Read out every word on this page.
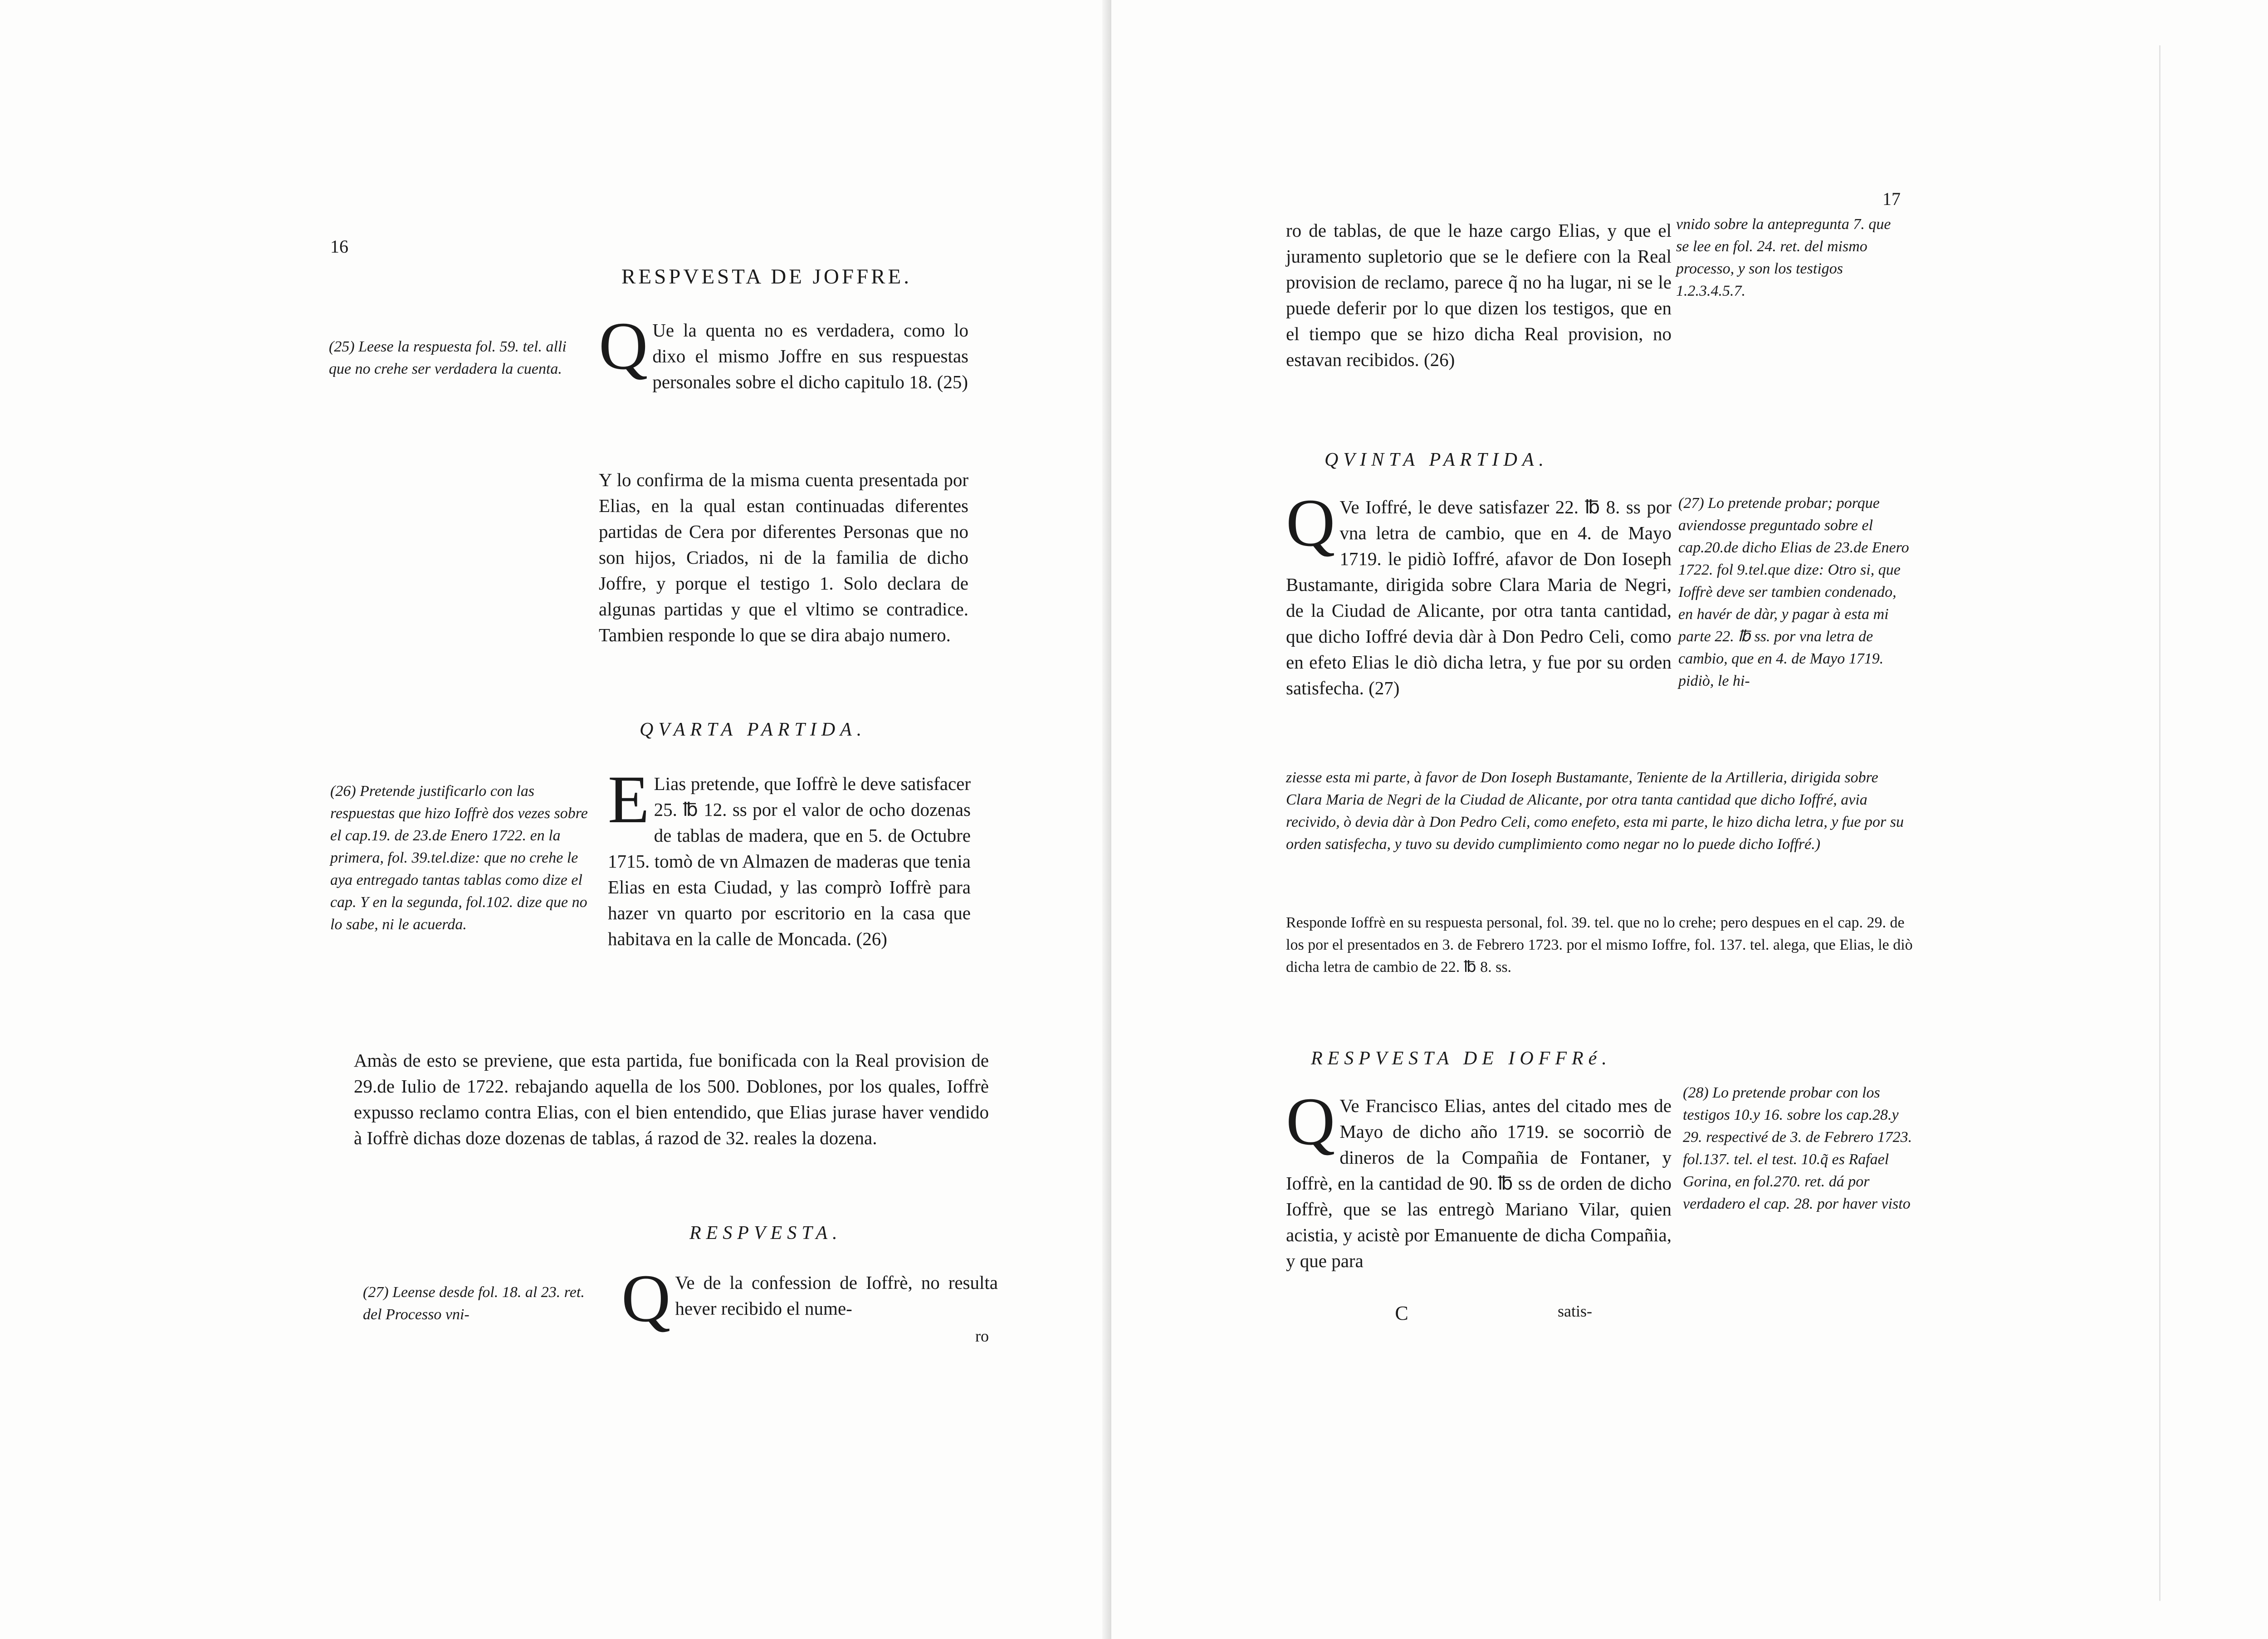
16
RESPVESTA DE JOFFRE.
(25) Leese la respuesta fol. 59. tel. alli que no crehe ser verdadera la cuenta. Q Ue la quenta no es verdadera, como lo dixo el mismo Joffre en sus respuestas personales sobre el dicho capitulo 18. (25)
Y lo confirma de la misma cuenta presentada por Elias, en la qual estan continuadas diferentes partidas de Cera por diferentes Personas que no son hijos, Criados, ni de la familia de dicho Joffre, y porque el testigo 1. Solo declara de algunas partidas y que el vltimo se contradice. Tambien responde lo que se dira abajo numero.
QVARTA PARTIDA.
(26) Pretende justificarlo con las respuestas que hizo Ioffrè dos vezes sobre el cap.19. de 23.de Enero 1722. en la primera, fol. 39.tel.dize: que no crehe le aya entregado tantas tablas como dize el cap. Y en la segunda, fol.102. dize que no lo sabe, ni le acuerda.
E Lias pretende, que Ioffrè le deve satisfacer 25. ℔ 12. ss por el valor de ocho dozenas de tablas de madera, que en 5. de Octubre 1715. tomò de vn Almazen de maderas que tenia Elias en esta Ciudad, y las comprò Ioffrè para hazer vn quarto por escritorio en la casa que habitava en la calle de Moncada. (26)
Amàs de esto se previene, que esta partida, fue bonificada con la Real provision de 29.de Iulio de 1722. rebajando aquella de los 500. Doblones, por los quales, Ioffrè expusso reclamo contra Elias, con el bien entendido, que Elias jurase haver vendido à Ioffrè dichas doze dozenas de tablas, á razod de 32. reales la dozena.
RESPVESTA.
(27) Leense desde fol. 18. al 23. ret. del Processo vni-	Q Ve de la confession de Ioffrè, no resulta hever recibido el nume-
ro
17
ro de tablas, de que le haze cargo Elias, y que el juramento supletorio que se le defiere con la Real provision de reclamo, parece q̃ no ha lugar, ni se le puede deferir por lo que dizen los testigos, que en el tiempo que se hizo dicha Real provision, no estavan recibidos. (26)
vnido sobre la antepregunta 7. que se lee en fol. 24. ret. del mismo processo, y son los testigos 1.2.3.4.5.7.
QVINTA PARTIDA.
Q Ve Ioffré, le deve satisfazer 22. ℔ 8. ss por vna letra de cambio, que en 4. de Mayo 1719. le pidiò Ioffré, afavor de Don Ioseph Bustamante, dirigida sobre Clara Maria de Negri, de la Ciudad de Alicante, por otra tanta cantidad, que dicho Ioffré devia dàr à Don Pedro Celi, como en efeto Elias le diò dicha letra, y fue por su orden satisfecha. (27)
(27) Lo pretende probar; porque aviendosse preguntado sobre el cap.20.de dicho Elias de 23.de Enero 1722. fol 9.tel.que dize: Otro si, que Ioffrè deve ser tambien condenado, en havér de dàr, y pagar à esta mi parte 22. ℔ ss. por vna letra de cambio, que en 4. de Mayo 1719. pidiò, le hi-
ziesse esta mi parte, à favor de Don Ioseph Bustamante, Teniente de la Artilleria, dirigida sobre Clara Maria de Negri de la Ciudad de Alicante, por otra tanta cantidad que dicho Ioffré, avia recivido, ò devia dàr à Don Pedro Celi, como enefeto, esta mi parte, le hizo dicha letra, y fue por su orden satisfecha, y tuvo su devido cumplimiento como negar no lo puede dicho Ioffré.)
Responde Ioffrè en su respuesta personal, fol. 39. tel. que no lo crehe; pero despues en el cap. 29. de los por el presentados en 3. de Febrero 1723. por el mismo Ioffre, fol. 137. tel. alega, que Elias, le diò dicha letra de cambio de 22. ℔ 8. ss.
RESPVESTA DE IOFFRé.
Q Ve Francisco Elias, antes del citado mes de Mayo de dicho año 1719. se socorriò de dineros de la Compañia de Fontaner, y Ioffrè, en la cantidad de 90. ℔ ss de orden de dicho Ioffrè, que se las entregò Mariano Vilar, quien acistia, y acistè por Emanuente de dicha Compañia, y que para
(28) Lo pretende probar con los testigos 10.y 16. sobre los cap.28.y 29. respectivé de 3. de Febrero 1723. fol.137. tel. el test. 10.q̃ es Rafael Gorina, en fol.270. ret. dá por verdadero el cap. 28. por haver visto
C	satis-
